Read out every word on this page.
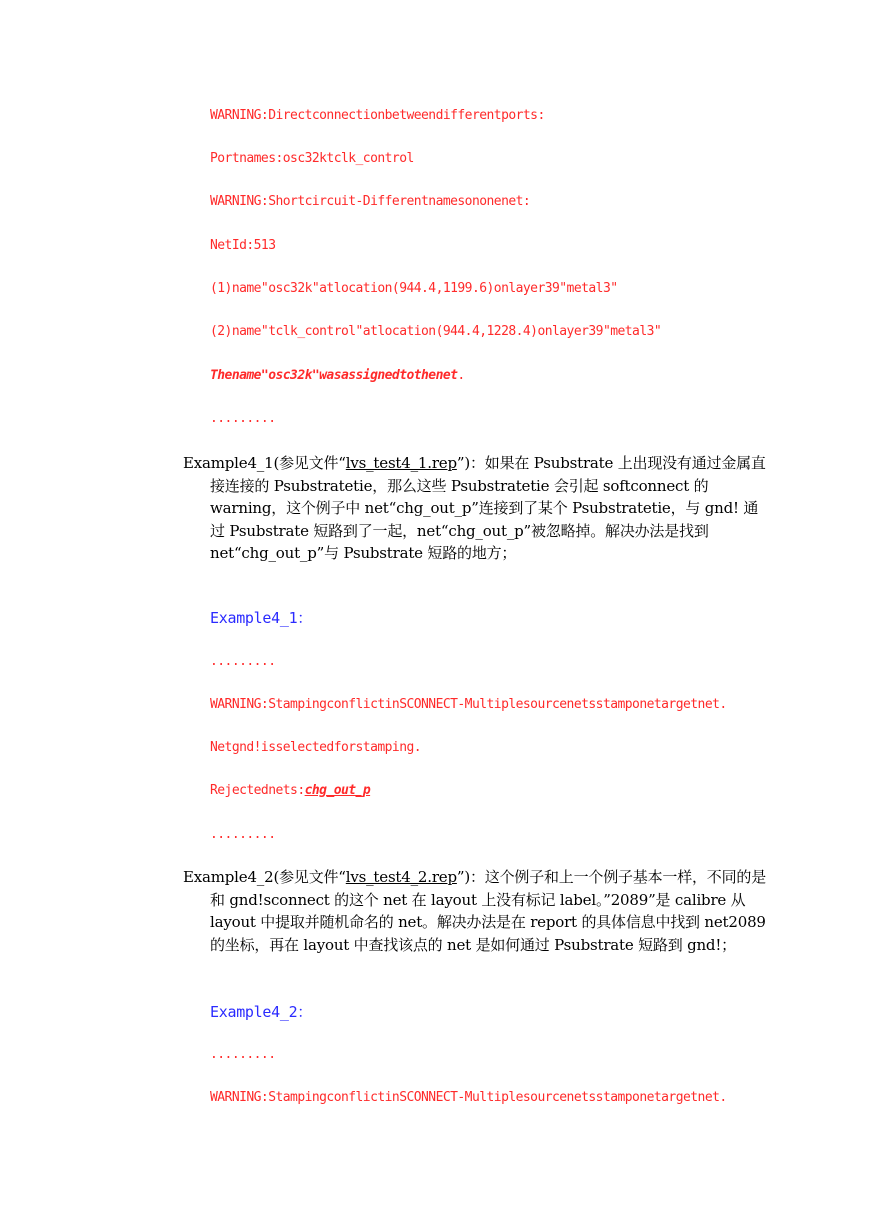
WARNING:Directconnectionbetweendifferentports:
Portnames:osc32ktclk_control
WARNING:Shortcircuit-Differentnamesononenet:
NetId:513
(1)name"osc32k"atlocation(944.4,1199.6)onlayer39"metal3"
(2)name"tclk_control"atlocation(944.4,1228.4)onlayer39"metal3"
Thename"osc32k"wasassignedtothenet.
.........
Example4_1(参见文件“lvs_test4_1.rep”)：如果在 Psubstrate 上出现没有通过金属直接连接的 Psubstratetie，那么这些 Psubstratetie 会引起 softconnect 的 warning，这个例子中 net“chg_out_p”连接到了某个 Psubstratetie，与 gnd! 通过 Psubstrate 短路到了一起，net“chg_out_p”被忽略掉。解决办法是找到 net“chg_out_p”与 Psubstrate 短路的地方；
Example4_1：
.........
WARNING:StampingconflictinSCONNECT-Multiplesourcenetsstamponetargetnet.
Netgnd!isselectedforstamping.
Rejectednets:chg_out_p
.........
Example4_2(参见文件“lvs_test4_2.rep”)：这个例子和上一个例子基本一样，不同的是和 gnd!sconnect 的这个 net 在 layout 上没有标记 label。”2089”是 calibre 从 layout 中提取并随机命名的 net。解决办法是在 report 的具体信息中找到 net2089 的坐标，再在 layout 中查找该点的 net 是如何通过 Psubstrate 短路到 gnd!；
Example4_2：
.........
WARNING:StampingconflictinSCONNECT-Multiplesourcenetsstamponetargetnet.
